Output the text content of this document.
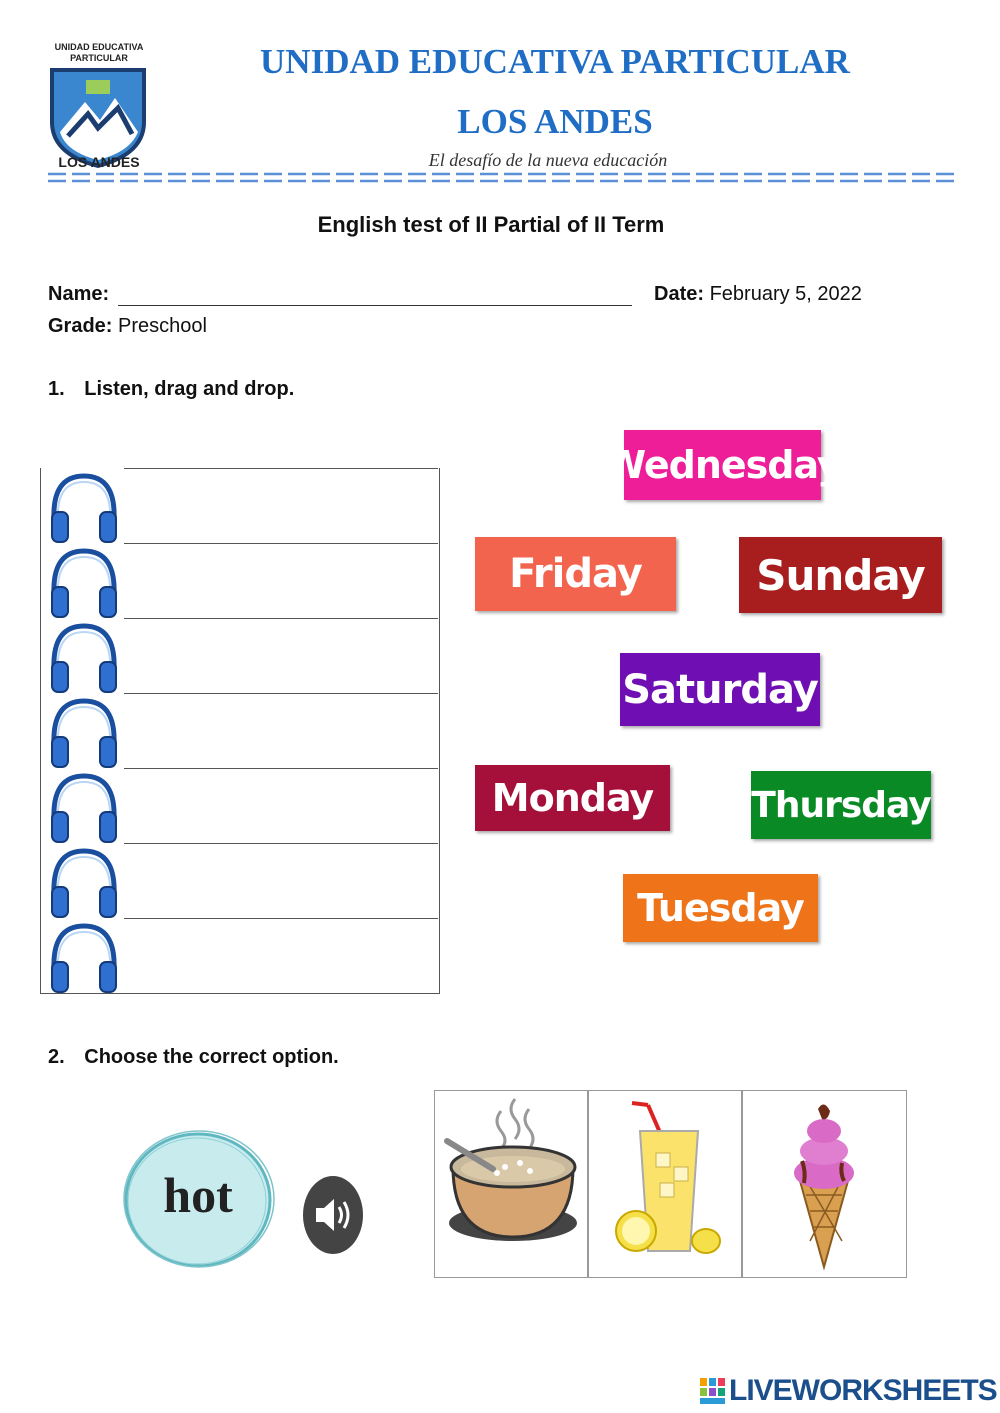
UNIDAD EDUCATIVA PARTICULAR
LOS ANDES
UNIDAD EDUCATIVA PARTICULAR
LOS ANDES
El desafío de la nueva educación
English test of II Partial of II Term
Name:	Date: February 5, 2022
Grade: Preschool
1. Listen, drag and drop.
Wednesday
Friday	Sunday
Saturday
Monday	Thursday
Tuesday
2. Choose the correct option.
hot
LIVEWORKSHEETS
